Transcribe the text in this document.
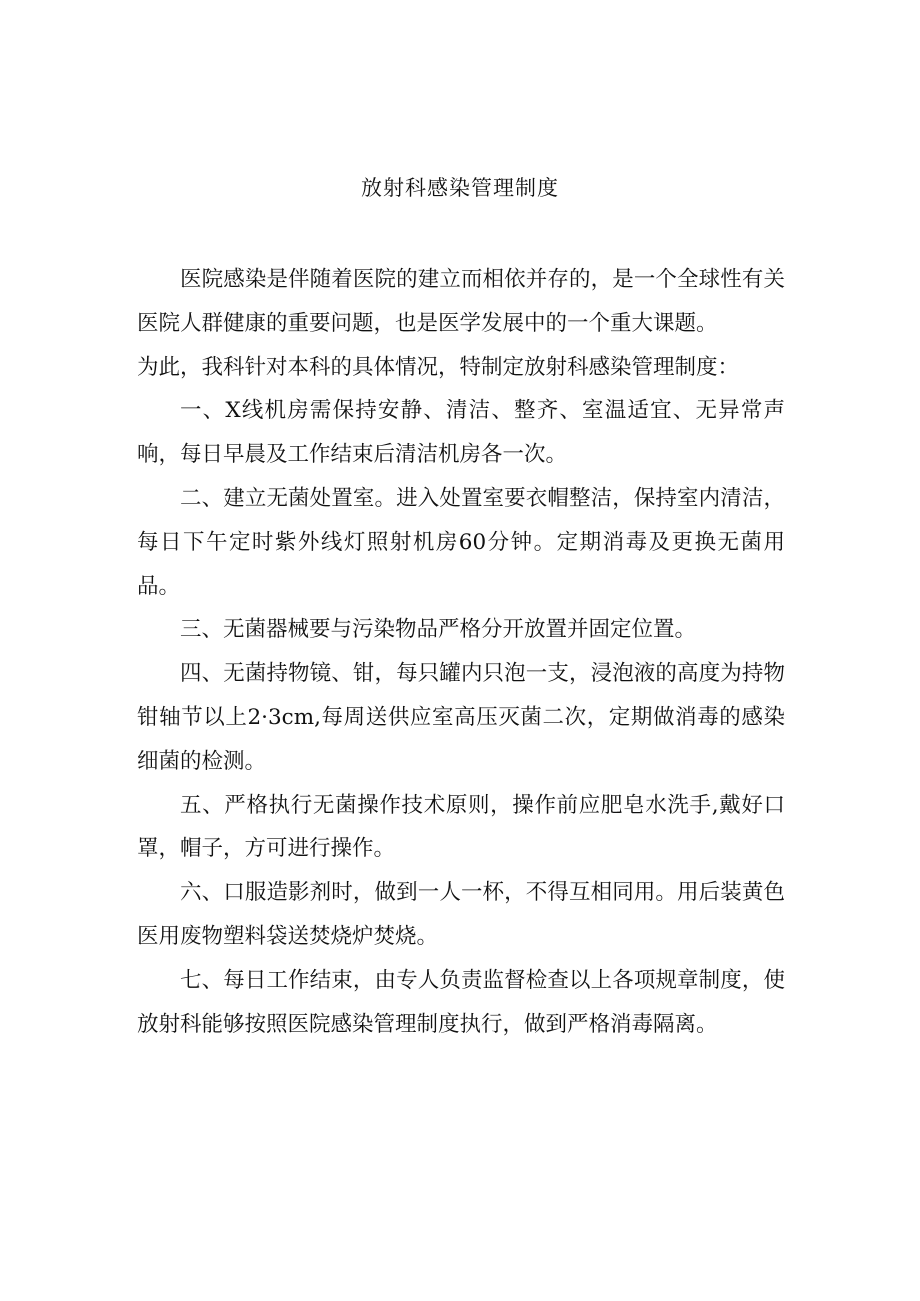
放射科感染管理制度

医院感染是伴随着医院的建立而相依并存的，是一个全球性有关医院人群健康的重要问题，也是医学发展中的一个重大课题。

为此，我科针对本科的具体情况，特制定放射科感染管理制度：

一、X线机房需保持安静、清洁、整齐、室温适宜、无异常声响，每日早晨及工作结束后清洁机房各一次。

二、建立无菌处置室。进入处置室要衣帽整洁，保持室内清洁，每日下午定时紫外线灯照射机房60分钟。定期消毒及更换无菌用品。

三、无菌器械要与污染物品严格分开放置并固定位置。

四、无菌持物镜、钳，每只罐内只泡一支，浸泡液的高度为持物钳轴节以上2·3cm,每周送供应室高压灭菌二次，定期做消毒的感染细菌的检测。

五、严格执行无菌操作技术原则，操作前应肥皂水洗手,戴好口罩，帽子，方可进行操作。

六、口服造影剂时，做到一人一杯，不得互相同用。用后装黄色医用废物塑料袋送焚烧炉焚烧。

七、每日工作结束，由专人负责监督检查以上各项规章制度，使放射科能够按照医院感染管理制度执行，做到严格消毒隔离。
